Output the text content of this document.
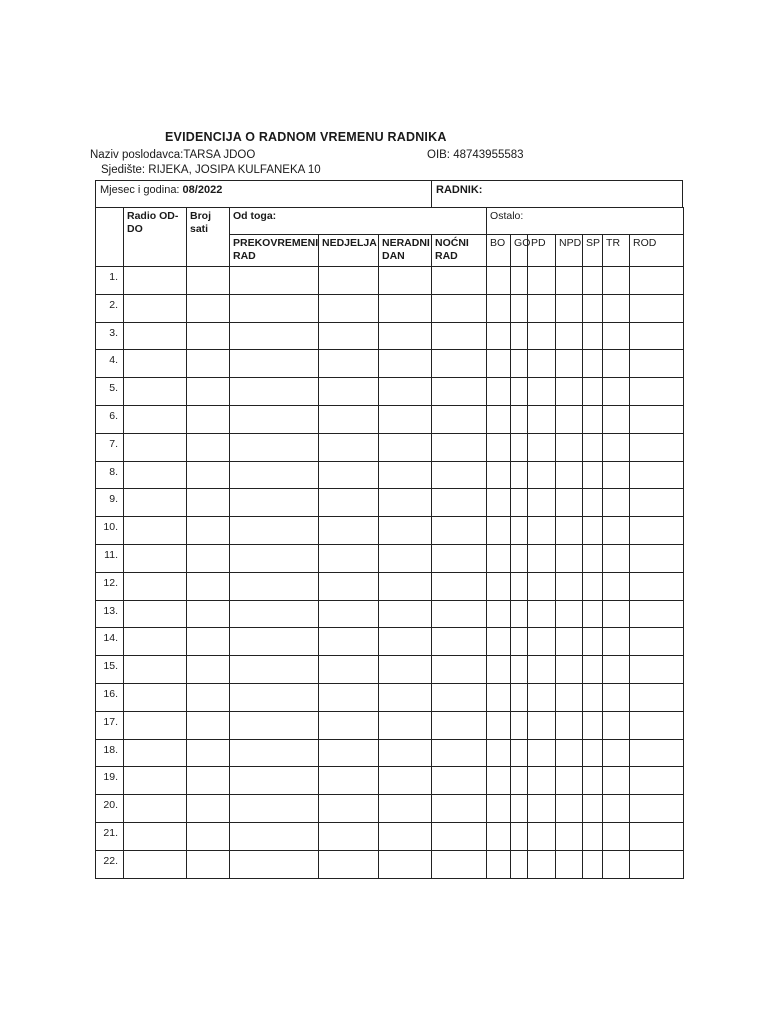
EVIDENCIJA O RADNOM VREMENU RADNIKA
Naziv poslodavca:TARSA JDOO	OIB: 48743955583
Sjedište: RIJEKA, JOSIPA KULFANEKA 10
Mjesec i godina: 08/2022	RADNIK:
	Radio OD-DO	Broj sati	Od toga:				Ostalo:						
			PREKOVREMENI RAD	NEDJELJA	NERADNI DAN	NOĆNI RAD	BO	GO	PD	NPD	SP	TR	ROD
1.													
2.													
3.													
4.													
5.													
6.													
7.													
8.													
9.													
10.													
11.													
12.													
13.													
14.													
15.													
16.													
17.													
18.													
19.													
20.													
21.													
22.													
